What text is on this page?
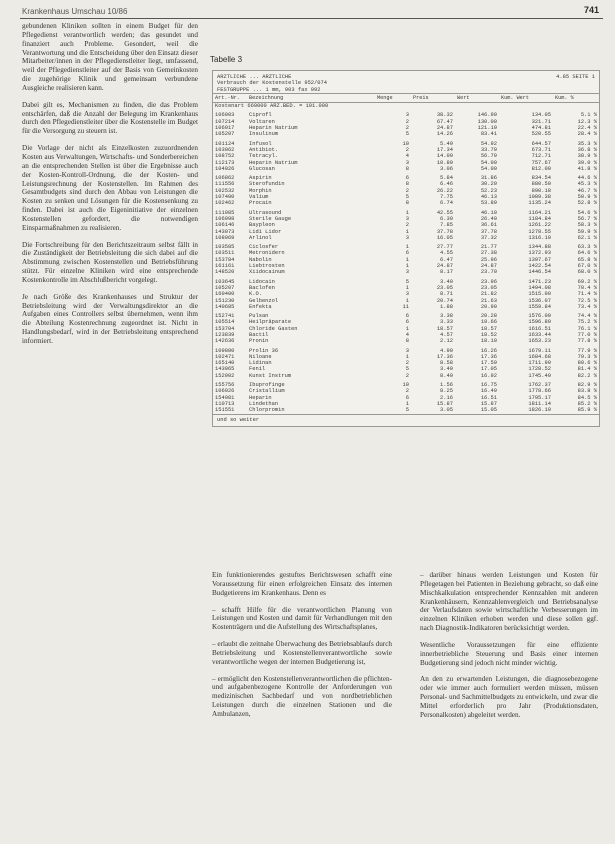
Krankenhaus Umschau 10/86	741

gebundenen Kliniken sollten in einem Budget für den Pflegedienst verantwortlich werden; das gesundet und finanziert auch Probleme. Gesondert, weil die Verantwortung und die Entscheidung über den Einsatz dieser Mitarbeiter/innen in der Pflegedienstleiter liegt, umfassend, weil der Pflegedienstleiter auf der Basis von Gemeinkosten die zugehörige Klinik und gemeinsam verbundene Ausgleiche realisieren kann.

Dabei gilt es, Mechanismen zu finden, die das Problem entschärfen, daß die Anzahl der Belegung im Krankenhaus durch den Pflegedienstleiter über die Kostenstelle im Budget für die Versorgung zu steuern ist.

Die Vorlage der nicht als Einzelkosten zuzuordnenden Kosten aus Verwaltungen, Wirtschafts- und Sonderbereichen an die entsprechenden Stellen ist über die Ergebnisse auch der Kosten-Kontroll-Ordnung, die der Kosten- und Leistungsrechnung der Kostenstellen. Im Rahmen des Gesamtbudgets sind durch den Abbau von Leistungen die Kosten zu senken und Lösungen für die Kostensenkung zu finden. Dabei ist auch die Eigeninitiative der einzelnen Kostenstellen gefordert, die notwendigen Einsparmaßnahmen zu realisieren.

Die Fortschreibung für den Berichtszeitraum selbst fällt in die Zuständigkeit der Betriebsleitung die sich dabei auf die Abstimmung zwischen Kostenstellen und Betriebsführung stützt. Für einzelne Kliniken wird eine entsprechende Kostenkontrolle im Abschlußbericht vorgelegt.

Je nach Größe des Krankenhauses und Struktur der Betriebsleitung wird der Verwaltungsdirektor an die Aufgaben eines Controllers selbst übernehmen, wenn ihm die Abteilung Kostenrechnung zugeordnet ist. Nicht in Handlungsbedarf, wird in der Betriebsleitung entsprechend informiert.

Tabelle 3
ARZTLICHE ... ARZTLICHE	4.85 SEITE 1
Verbrauch der Kostenstelle 952/074
FESTGRUPPE ... 1 mm, 903 fax 992
Art.-Nr.	Bezeichnung	Menge	Preis	Wert	Kum. Wert	Kum. %
Kostenart 660000 ARZ.BED. = 101.000						

106003	Ciprofl	3	38.32	146.90	134.05	5.1 %
107214	Voltaren	2	67.47	130.00	321.71	12.3 %
106017	Heparin Natrium	2	24.87	121.10	474.81	22.4 %
105207	Insulinum	5	14.26	83.41	520.55	28.4 %

101124	Infusol	10	5.49	54.92	644.57	35.3 %
103062	Antibiot.	2	17.34	33.79	673.71	36.8 %
108752	Tetracyl.	4	14.09	56.79	712.71	38.9 %
112173	Heparin Natrium	3	10.80	54.00	757.67	39.0 %
104026	Glucosan	8	3.06	54.00	812.00	41.8 %

106862	Aspirin	6	5.84	31.86	834.54	44.6 %
111556	Sterofundin	8	6.46	30.20	880.50	45.3 %
102532	Morphin	2	26.22	52.23	890.18	46.7 %
107400	Valium	5	7.75	46.13	1089.38	50.9 %
102462	Procain	8	6.74	53.89	1135.24	52.8 %

111085	Ultrasound	1	42.55	46.10	1164.21	54.6 %
106998	Sterile Gauge	3	6.30	26.40	1184.84	56.7 %
106146	Baypleon	2	7.85	36.61	1261.22	58.3 %
143073	Lidi Lidor	1	37.78	37.78	1278.55	59.9 %
108069	Arlinol	3	16.05	37.32	1316.10	62.1 %

103585	Ciclosfer	1	27.77	21.77	1344.88	63.3 %
103511	Metronidern	6	4.55	27.38	1372.93	64.6 %
153784	Nabolin	1	6.47	25.96	1397.67	65.8 %
161161	Liebtrosten	1	24.87	24.87	1422.54	67.0 %
148520	Xiidocainum	3	8.17	23.70	1446.54	68.0 %

103645	Lidocain	5	3.40	23.96	1471.23	69.2 %
105207	Baclofen	1	23.05	23.05	1494.08	70.4 %
160400	K.O.	3	8.71	21.82	1515.00	71.4 %
151230	Gelbenzol	1	20.74	21.63	1536.07	72.5 %
140685	Enfekta	11	1.88	20.90	1559.84	73.4 %

152741	Pulsan	6	3.38	20.28	1576.00	74.4 %
105514	Heilpräparate	6	3.33	19.66	1596.80	75.2 %
153704	Chloride Gasten	1	18.57	18.57	1616.51	76.1 %
123839	Bactil	4	4.57	18.52	1633.44	77.0 %
142636	Pronin	8	2.12	18.10	1653.23	77.8 %

109800	Prolin 36	3	4.90	16.26	1679.11	77.9 %
102471	Niloane	1	17.36	17.36	1684.68	79.3 %
165140	Lidinan	2	8.58	17.59	1711.90	80.6 %
143065	Fenil	5	3.40	17.05	1728.52	81.4 %
152002	Kunst Instrum	2	8.49	16.92	1745.40	82.2 %

155756	Ibuprofinge	10	1.56	16.75	1762.37	82.9 %
106026	Cristallium	2	8.25	16.49	1778.66	83.8 %
154981	Heparin	6	2.16	16.51	1795.17	84.5 %
110713	Lindethan	1	15.87	15.87	1811.14	85.2 %
151551	Chlorpromin	5	3.05	15.05	1826.19	85.9 %
und so weiter

Ein funktionierendes gestuftes Berichtswesen schafft eine Voraussetzung für einen erfolgreichen Einsatz des internen Budgetierens im Krankenhaus. Denn es

– schafft Hilfe für die verantwortlichen Planung von Leistungen und Kosten und damit für Verhandlungen mit den Kostenträgern und die Aufstellung des Wirtschaftsplanes,

– erlaubt die zeitnahe Überwachung des Betriebsablaufs durch Betriebsleitung und Kostenstellenverantwortliche sowie verantwortliche wegen der internen Budgetierung ist,

– ermöglicht den Kostenstellenverantwortlichen die pflichten- und aufgabenbezogene Kontrolle der Anforderungen von medizinischen Sachbedarf und von nordbetrieblichen Leistungen durch die einzelnen Stationen und die Ambulanzen,

– darüber hinaus werden Leistungen und Kosten für Pflegetagen bei Patienten in Beziehung gebracht, so daß eine Mischkalkulation entsprechender Kennzahlen mit anderen Krankenhäusern, Kennzahlenvergleich und Betriebsanalyse der Verlaufsdaten sowie wirtschaftliche Verbesserungen im einzelnen Kliniken erhoben werden und diese sollen ggf. nach Diagnostik-Indikatoren berücksichtigt werden.

Wesentliche Voraussetzungen für eine effiziente innerbetriebliche Steuerung und Basis einer internen Budgetierung sind jedoch nicht minder wichtig.

An den zu erwartenden Leistungen, die diagnosebezogene oder wie immer auch formuliert werden müssen, müssen Personal- und Sachmittelbudgets zu entwickeln, und zwar die Mittel erforderlich pro Jahr (Produktionsdaten, Personalkosten) abgeleitet werden.
